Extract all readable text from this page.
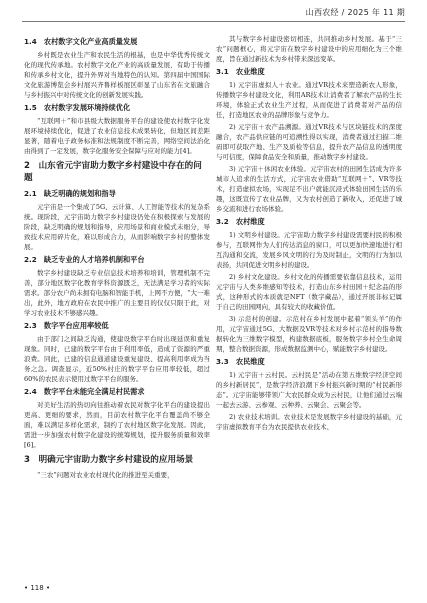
山西农经 / 2025 年 11 期
1.4　农村数字文化产业高质量发展
乡村既是农业生产和农民生活的根基，也是中华优秀传统文化的现代传承地。农村数字文化产业的高质量发展，有助于传播和传承乡村文化，提升外界对当地特色的认知。第四届中国国际文化旅游博览会乡村展兴齐鲁样板展区彰显了山东省在文旅融合与乡村振兴中对传统文化的创新发展实践。
1.5　农村数字发展环境持续优化
“互联网＋”和市县级大数据服务平台的建设使农村数字化发展环境持续优化，促进了农业信息技术成果转化，但地区间差距显著，随着电子政务标准和法规制度不断完善，网络空间法治化由得到了一定发展，数字化服务安全保障与应对的能力[4]。
2　山东省元宇宙助力数字乡村建设中存在的问题
2.1　缺乏明确的规划和指导
元宇宙是一个集成了5G、云计算、人工智能等技术的复杂系统。现阶段，元宇宙助力数字乡村建设仍处在积极探索与发展的阶段，缺乏明确的规划和指导，应用场景和商业模式未细分，导致技术应用碎片化，难以形成合力，从而影响数字乡村的整体发展。
2.2　缺乏专业的人才培养机制和平台
数字乡村建设缺乏专业信息技术培养和培训，管理机制不完善，部分地区数字化教育学科资源匮乏，无法满足学习者的实际需求。部分农户尚未拥有电脑和智能手机，上网不方便，“大一难出，此外，地方政府在农民中推广的主要目的仅仅只限于此，对学习农业技术不够感兴趣。
2.3　数字平台应用率较低
由于部门之间缺乏沟通，使建设数字平台时出现延误和重复现象。同时，已建的数字平台由于利用率低，造成了资源的严重浪费。同此，已建的信息通道建设重复建设、提高利用率成为当务之急。调查显示，近50%村庄的数字平台应用率较低，超过60%的农民表示使用过数字平台的服务。
2.4　数字平台未能完全满足村民需求
对美好生活的热切向往推动着农民对数字化平台的建设提出更高、更细的要求，然而，目前农村数字化平台覆盖尚不够全面，难以满足多样化需求，制约了农村地区数字化发展。因此，需进一步加强农村数字化建设的统筹规划，提升服务质量和效率[6]。
3　明确元宇宙助力数字乡村建设的应用场景
“三农”问题对农业农村现代化的推进至关重要，
其与数字乡村建设密切相连，共同推动乡村发展。基于“三农”问题框心，将元宇宙在数字乡村建设中的应用细化为三个维度，旨在通过新技术为乡村带来深远变革。
3.1　农业维度
1) 元宇宙虚拟人＋农业。通过VR技术来塑造新农人形象，传播数字乡村建设文化，利用AR技术让消费者了解农产品的生长环境，体验正式农业生产过程，从而促进了消费者对产品的信任，打造地区农业的品牌形象与竞争力。
2) 元宇宙＋农产品溯源。通过VR技术与区块链技术的深度融合，农产品供应链的可追溯性得以实现，消费者通过扫描二维码即可获取产地、生产及质检等信息，提升农产品信息的透明度与可信度，保障食品安全和质量，推动数字乡村建设。
3) 元宇宙＋休闲农业体验。元宇宙农村的田园生活成为许多城市人追求的生活方式，元宇宙农业借助“互联网＋”、VR等技术，打造虚拟农场，实现足不出户就能沉浸式体验田园生活的乐趣，这既宣传了农业品牌，又为农村创造了新收入，还促进了城乡交流和进行农场体验。
3.2　农村维度
1) 文明乡村建设。元宇宙助力数字乡村建设需要村民的积极参与，互联网作为人们传达消息的窗口，可以更加快速地进行相互沟通和交流，发展乡风文明的行为及时制止，文明的行为加以表扬，共同促进文明乡村的建设。
2) 乡村文化建设。乡村文化的传播需要依靠信息技术，运用元宇宙与人类多维感知等技术，打造山东乡村田园＋纪念品的形式，这种形式的本质就是NFT（数字藏品），通过开展非标记属于自己的田园网向，具有较大的收藏价值。
3) 示范村的创建。示范村在乡村发展中起着“领头羊”的作用，元宇宙通过5G、大数据及VR等技术对乡村示范村的指导数据转化为三维数字模型，构建数据底板，服务数字乡村全生命周期，整合数据资源，形成数据监测中心，赋能数字乡村建设。
3.3　农民维度
1) 元宇宙＋云村民。云村民是“活动在第五维数字经济空间的乡村新居民”，是数字经济浪潮下乡村振兴新时期的“村民新形态”。元宇宙能够带领广大农民群众成为云村民，让他们通过云端一起去云游、云参观、云种养、云聚会、云聚会等。
2) 农业技术培训。农业技术是发展数字乡村建设的基础，元宇宙虚拟教育平台为农民提供农业技术、
• 118 •
